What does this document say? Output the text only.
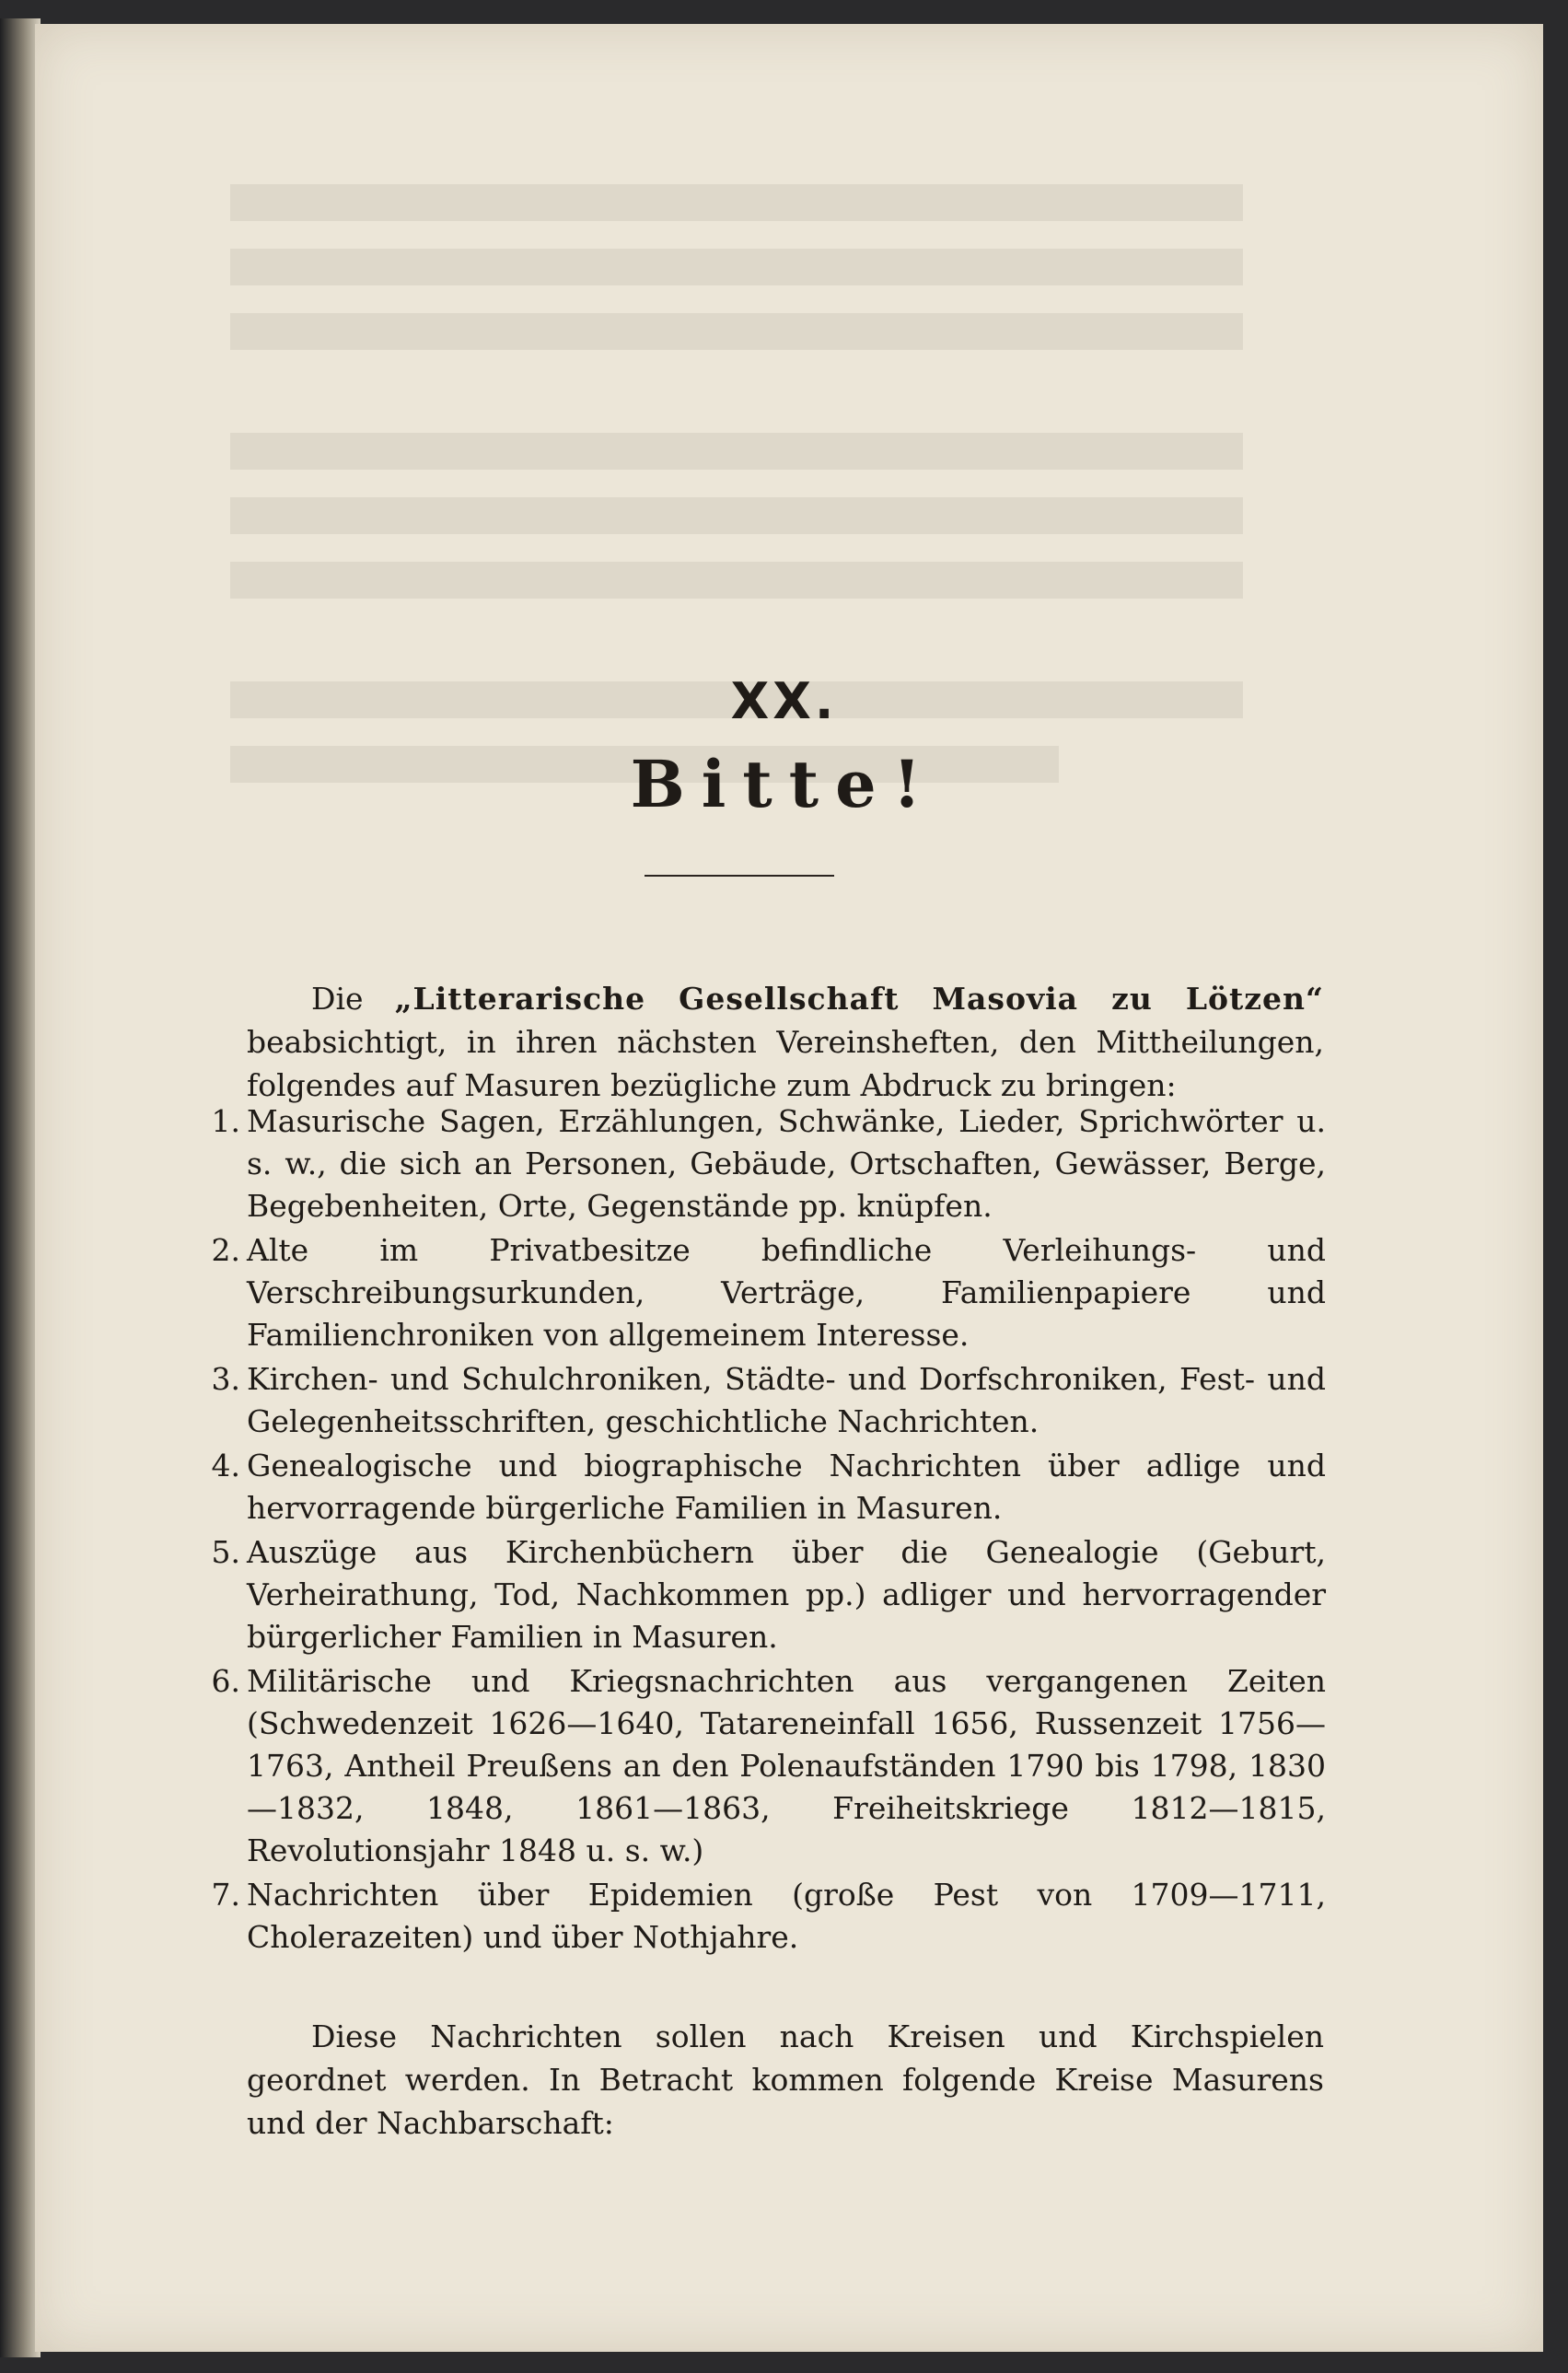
XX.
Bitte!

Die „Litterarische Gesellschaft Masovia zu Lötzen“ beabsichtigt, in ihren nächsten Vereinsheften, den Mittheilungen, folgendes auf Masuren bezügliche zum Abdruck zu bringen:

1. Masurische Sagen, Erzählungen, Schwänke, Lieder, Sprichwörter u. s. w., die sich an Personen, Gebäude, Ortschaften, Gewässer, Berge, Begebenheiten, Orte, Gegenstände pp. knüpfen.
2. Alte im Privatbesitze befindliche Verleihungs- und Verschreibungsurkunden, Verträge, Familienpapiere und Familienchroniken von allgemeinem Interesse.
3. Kirchen- und Schulchroniken, Städte- und Dorfschroniken, Fest- und Gelegenheitsschriften, geschichtliche Nachrichten.
4. Genealogische und biographische Nachrichten über adlige und hervorragende bürgerliche Familien in Masuren.
5. Auszüge aus Kirchenbüchern über die Genealogie (Geburt, Verheirathung, Tod, Nachkommen pp.) adliger und hervorragender bürgerlicher Familien in Masuren.
6. Militärische und Kriegsnachrichten aus vergangenen Zeiten (Schwedenzeit 1626—1640, Tatareneinfall 1656, Russenzeit 1756—1763, Antheil Preußens an den Polenaufständen 1790 bis 1798, 1830—1832, 1848, 1861—1863, Freiheitskriege 1812—1815, Revolutionsjahr 1848 u. s. w.)
7. Nachrichten über Epidemien (große Pest von 1709—1711, Cholerazeiten) und über Nothjahre.

Diese Nachrichten sollen nach Kreisen und Kirchspielen geordnet werden. In Betracht kommen folgende Kreise Masurens und der Nachbarschaft:
